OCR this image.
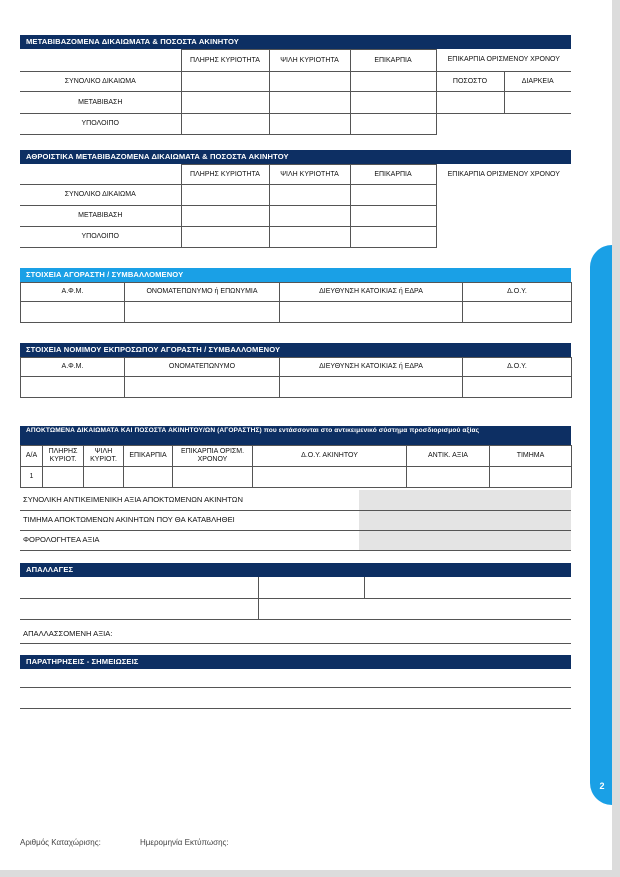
ΜΕΤΑΒΙΒΑΖΟΜΕΝΑ ΔΙΚΑΙΩΜΑΤΑ & ΠΟΣΟΣΤΑ ΑΚΙΝΗΤΟΥ
	ΠΛΗΡΗΣ ΚΥΡΙΟΤΗΤΑ	ΨΙΛΗ ΚΥΡΙΟΤΗΤΑ	ΕΠΙΚΑΡΠΙΑ	ΕΠΙΚΑΡΠΙΑ ΟΡΙΣΜΕΝΟΥ ΧΡΟΝΟΥ	
ΣΥΝΟΛΙΚΟ ΔΙΚΑΙΩΜΑ				ΠΟΣΟΣΤΟ	ΔΙΑΡΚΕΙΑ
ΜΕΤΑΒΙΒΑΣΗ					
ΥΠΟΛΟΙΠΟ					
ΑΘΡΟΙΣΤΙΚΑ ΜΕΤΑΒΙΒΑΖΟΜΕΝΑ ΔΙΚΑΙΩΜΑΤΑ & ΠΟΣΟΣΤΑ ΑΚΙΝΗΤΟΥ
	ΠΛΗΡΗΣ ΚΥΡΙΟΤΗΤΑ	ΨΙΛΗ ΚΥΡΙΟΤΗΤΑ	ΕΠΙΚΑΡΠΙΑ	ΕΠΙΚΑΡΠΙΑ ΟΡΙΣΜΕΝΟΥ ΧΡΟΝΟΥ
ΣΥΝΟΛΙΚΟ ΔΙΚΑΙΩΜΑ				
ΜΕΤΑΒΙΒΑΣΗ				
ΥΠΟΛΟΙΠΟ				
ΣΤΟΙΧΕΙΑ ΑΓΟΡΑΣΤΗ / ΣΥΜΒΑΛΛΟΜΕΝΟΥ
Α.Φ.Μ.	ΟΝΟΜΑΤΕΠΩΝΥΜΟ ή ΕΠΩΝΥΜΙΑ	ΔΙΕΥΘΥΝΣΗ ΚΑΤΟΙΚΙΑΣ ή ΕΔΡΑ	Δ.Ο.Υ.

ΣΤΟΙΧΕΙΑ ΝΟΜΙΜΟΥ ΕΚΠΡΟΣΩΠΟΥ ΑΓΟΡΑΣΤΗ / ΣΥΜΒΑΛΛΟΜΕΝΟΥ
Α.Φ.Μ.	ΟΝΟΜΑΤΕΠΩΝΥΜΟ	ΔΙΕΥΘΥΝΣΗ ΚΑΤΟΙΚΙΑΣ ή ΕΔΡΑ	Δ.Ο.Υ.

ΑΠΟΚΤΩΜΕΝΑ ΔΙΚΑΙΩΜΑΤΑ ΚΑΙ ΠΟΣΟΣΤΑ ΑΚΙΝΗΤΟΥ/ΩΝ (ΑΓΟΡΑΣΤΗΣ) που εντάσσονται στο αντικειμενικό σύστημα προσδιορισμού αξίας
Α/Α	ΠΛΗΡΗΣ ΚΥΡΙΟΤ.	ΨΙΛΗ ΚΥΡΙΟΤ.	ΕΠΙΚΑΡΠΙΑ	ΕΠΙΚΑΡΠΙΑ ΟΡΙΣΜ. ΧΡΟΝΟΥ	Δ.Ο.Υ. ΑΚΙΝΗΤΟΥ	ΑΝΤΙΚ. ΑΞΙΑ	ΤΙΜΗΜΑ
1							
ΣΥΝΟΛΙΚΗ ΑΝΤΙΚΕΙΜΕΝΙΚΗ ΑΞΙΑ ΑΠΟΚΤΩΜΕΝΩΝ ΑΚΙΝΗΤΩΝ	
ΤΙΜΗΜΑ ΑΠΟΚΤΩΜΕΝΩΝ ΑΚΙΝΗΤΩΝ ΠΟΥ ΘΑ ΚΑΤΑΒΛΗΘΕΙ	
ΦΟΡΟΛΟΓΗΤΕΑ ΑΞΙΑ	
ΑΠΑΛΛΑΓΕΣ

ΑΠΑΛΛΑΣΣΟΜΕΝΗ ΑΞΙΑ:		
ΠΑΡΑΤΗΡΗΣΕΙΣ - ΣΗΜΕΙΩΣΕΙΣ
Αριθμός Καταχώρισης:	Ημερομηνία Εκτύπωσης:
2
